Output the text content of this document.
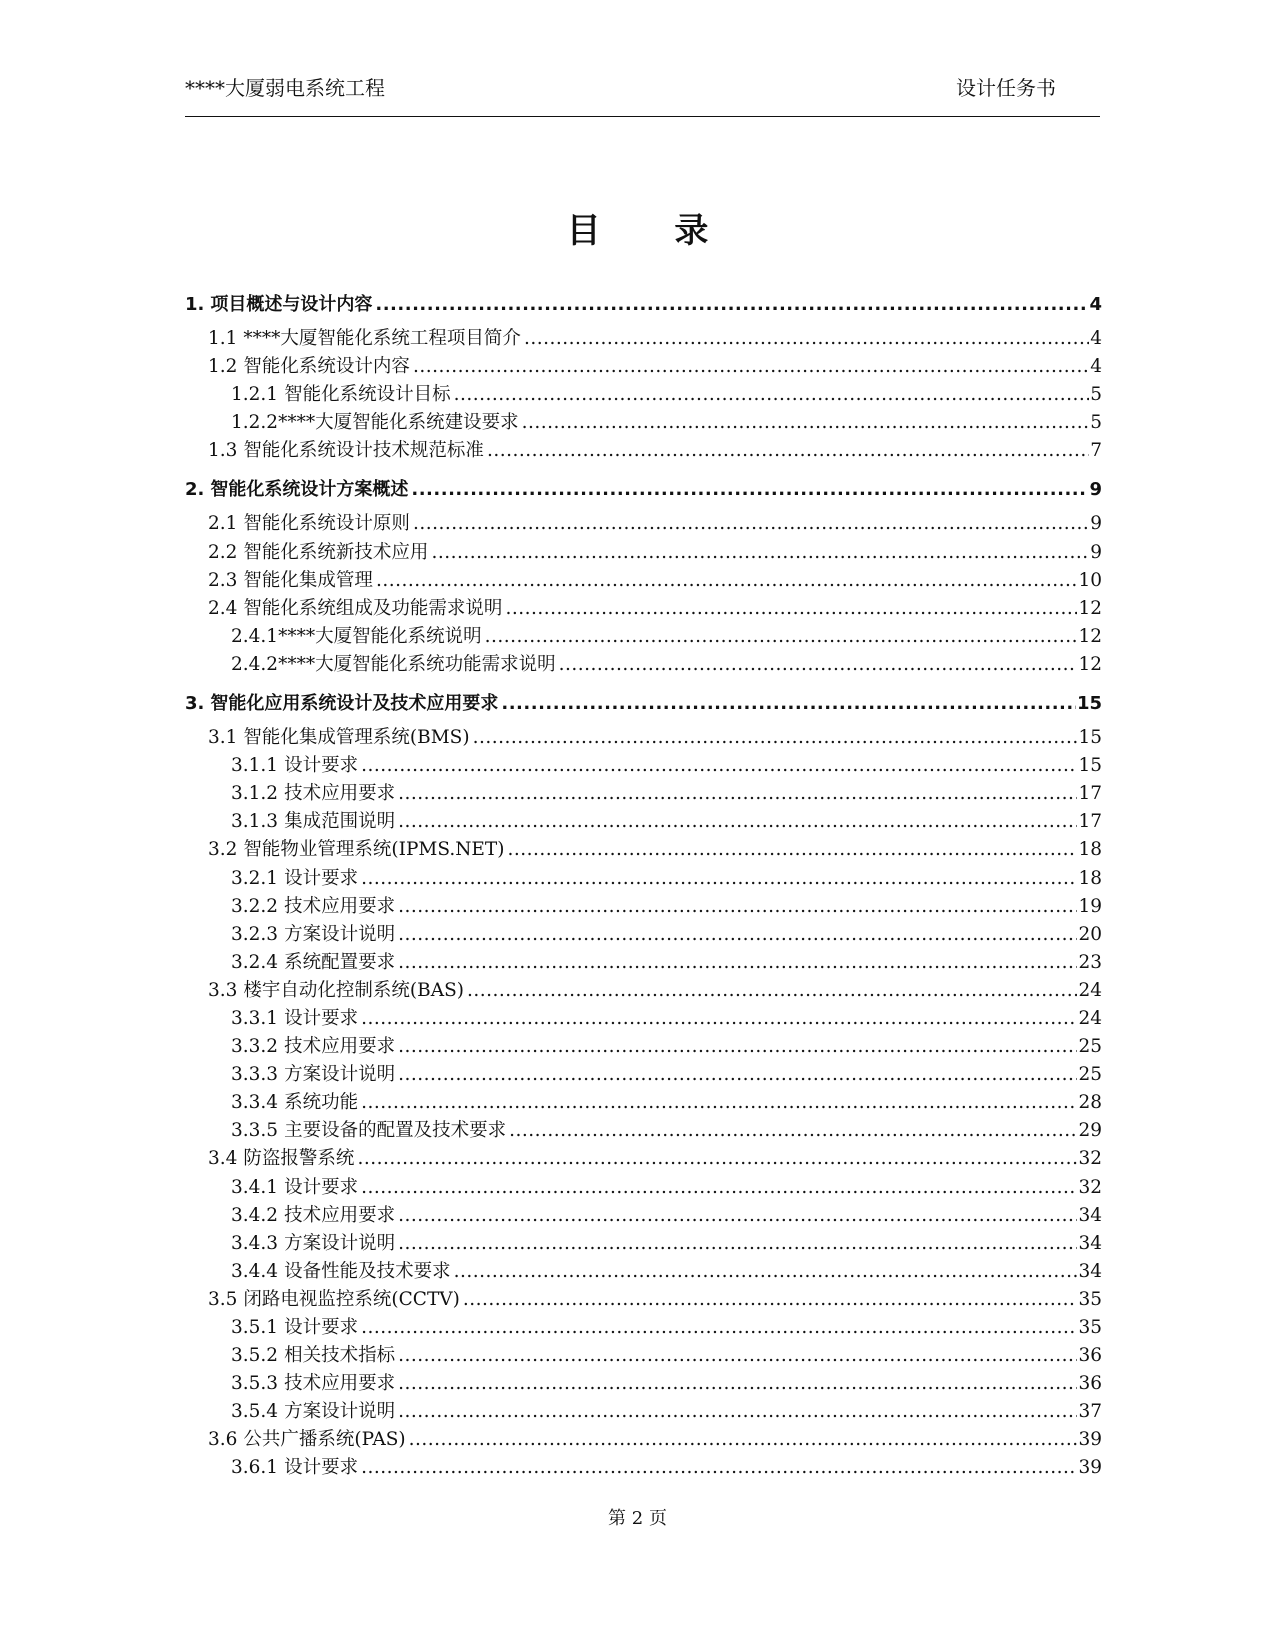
****大厦弱电系统工程	设计任务书
目 录
1. 项目概述与设计内容 .....	4
1.1 ****大厦智能化系统工程项目简介 .....	4
1.2 智能化系统设计内容 .....	4
1.2.1 智能化系统设计目标 .....	5
1.2.2 ****大厦智能化系统建设要求 .....	5
1.3 智能化系统设计技术规范标准 .....	7
2. 智能化系统设计方案概述 .....	9
2.1 智能化系统设计原则 .....	9
2.2 智能化系统新技术应用 .....	9
2.3 智能化集成管理 .....	10
2.4 智能化系统组成及功能需求说明 .....	12
2.4.1 ****大厦智能化系统说明 .....	12
2.4.2 ****大厦智能化系统功能需求说明 .....	12
3. 智能化应用系统设计及技术应用要求 .....	15
3.1 智能化集成管理系统(BMS) .....	15
3.1.1 设计要求 .....	15
3.1.2 技术应用要求 .....	17
3.1.3 集成范围说明 .....	17
3.2 智能物业管理系统(IPMS.NET) .....	18
3.2.1 设计要求 .....	18
3.2.2 技术应用要求 .....	19
3.2.3 方案设计说明 .....	20
3.2.4 系统配置要求 .....	23
3.3 楼宇自动化控制系统(BAS) .....	24
3.3.1 设计要求 .....	24
3.3.2 技术应用要求 .....	25
3.3.3 方案设计说明 .....	25
3.3.4 系统功能 .....	28
3.3.5 主要设备的配置及技术要求 .....	29
3.4 防盗报警系统 .....	32
3.4.1 设计要求 .....	32
3.4.2 技术应用要求 .....	34
3.4.3 方案设计说明 .....	34
3.4.4 设备性能及技术要求 .....	34
3.5 闭路电视监控系统(CCTV) .....	35
3.5.1 设计要求 .....	35
3.5.2 相关技术指标 .....	36
3.5.3 技术应用要求 .....	36
3.5.4 方案设计说明 .....	37
3.6 公共广播系统(PAS) .....	39
3.6.1 设计要求 .....	39
第 2 页
